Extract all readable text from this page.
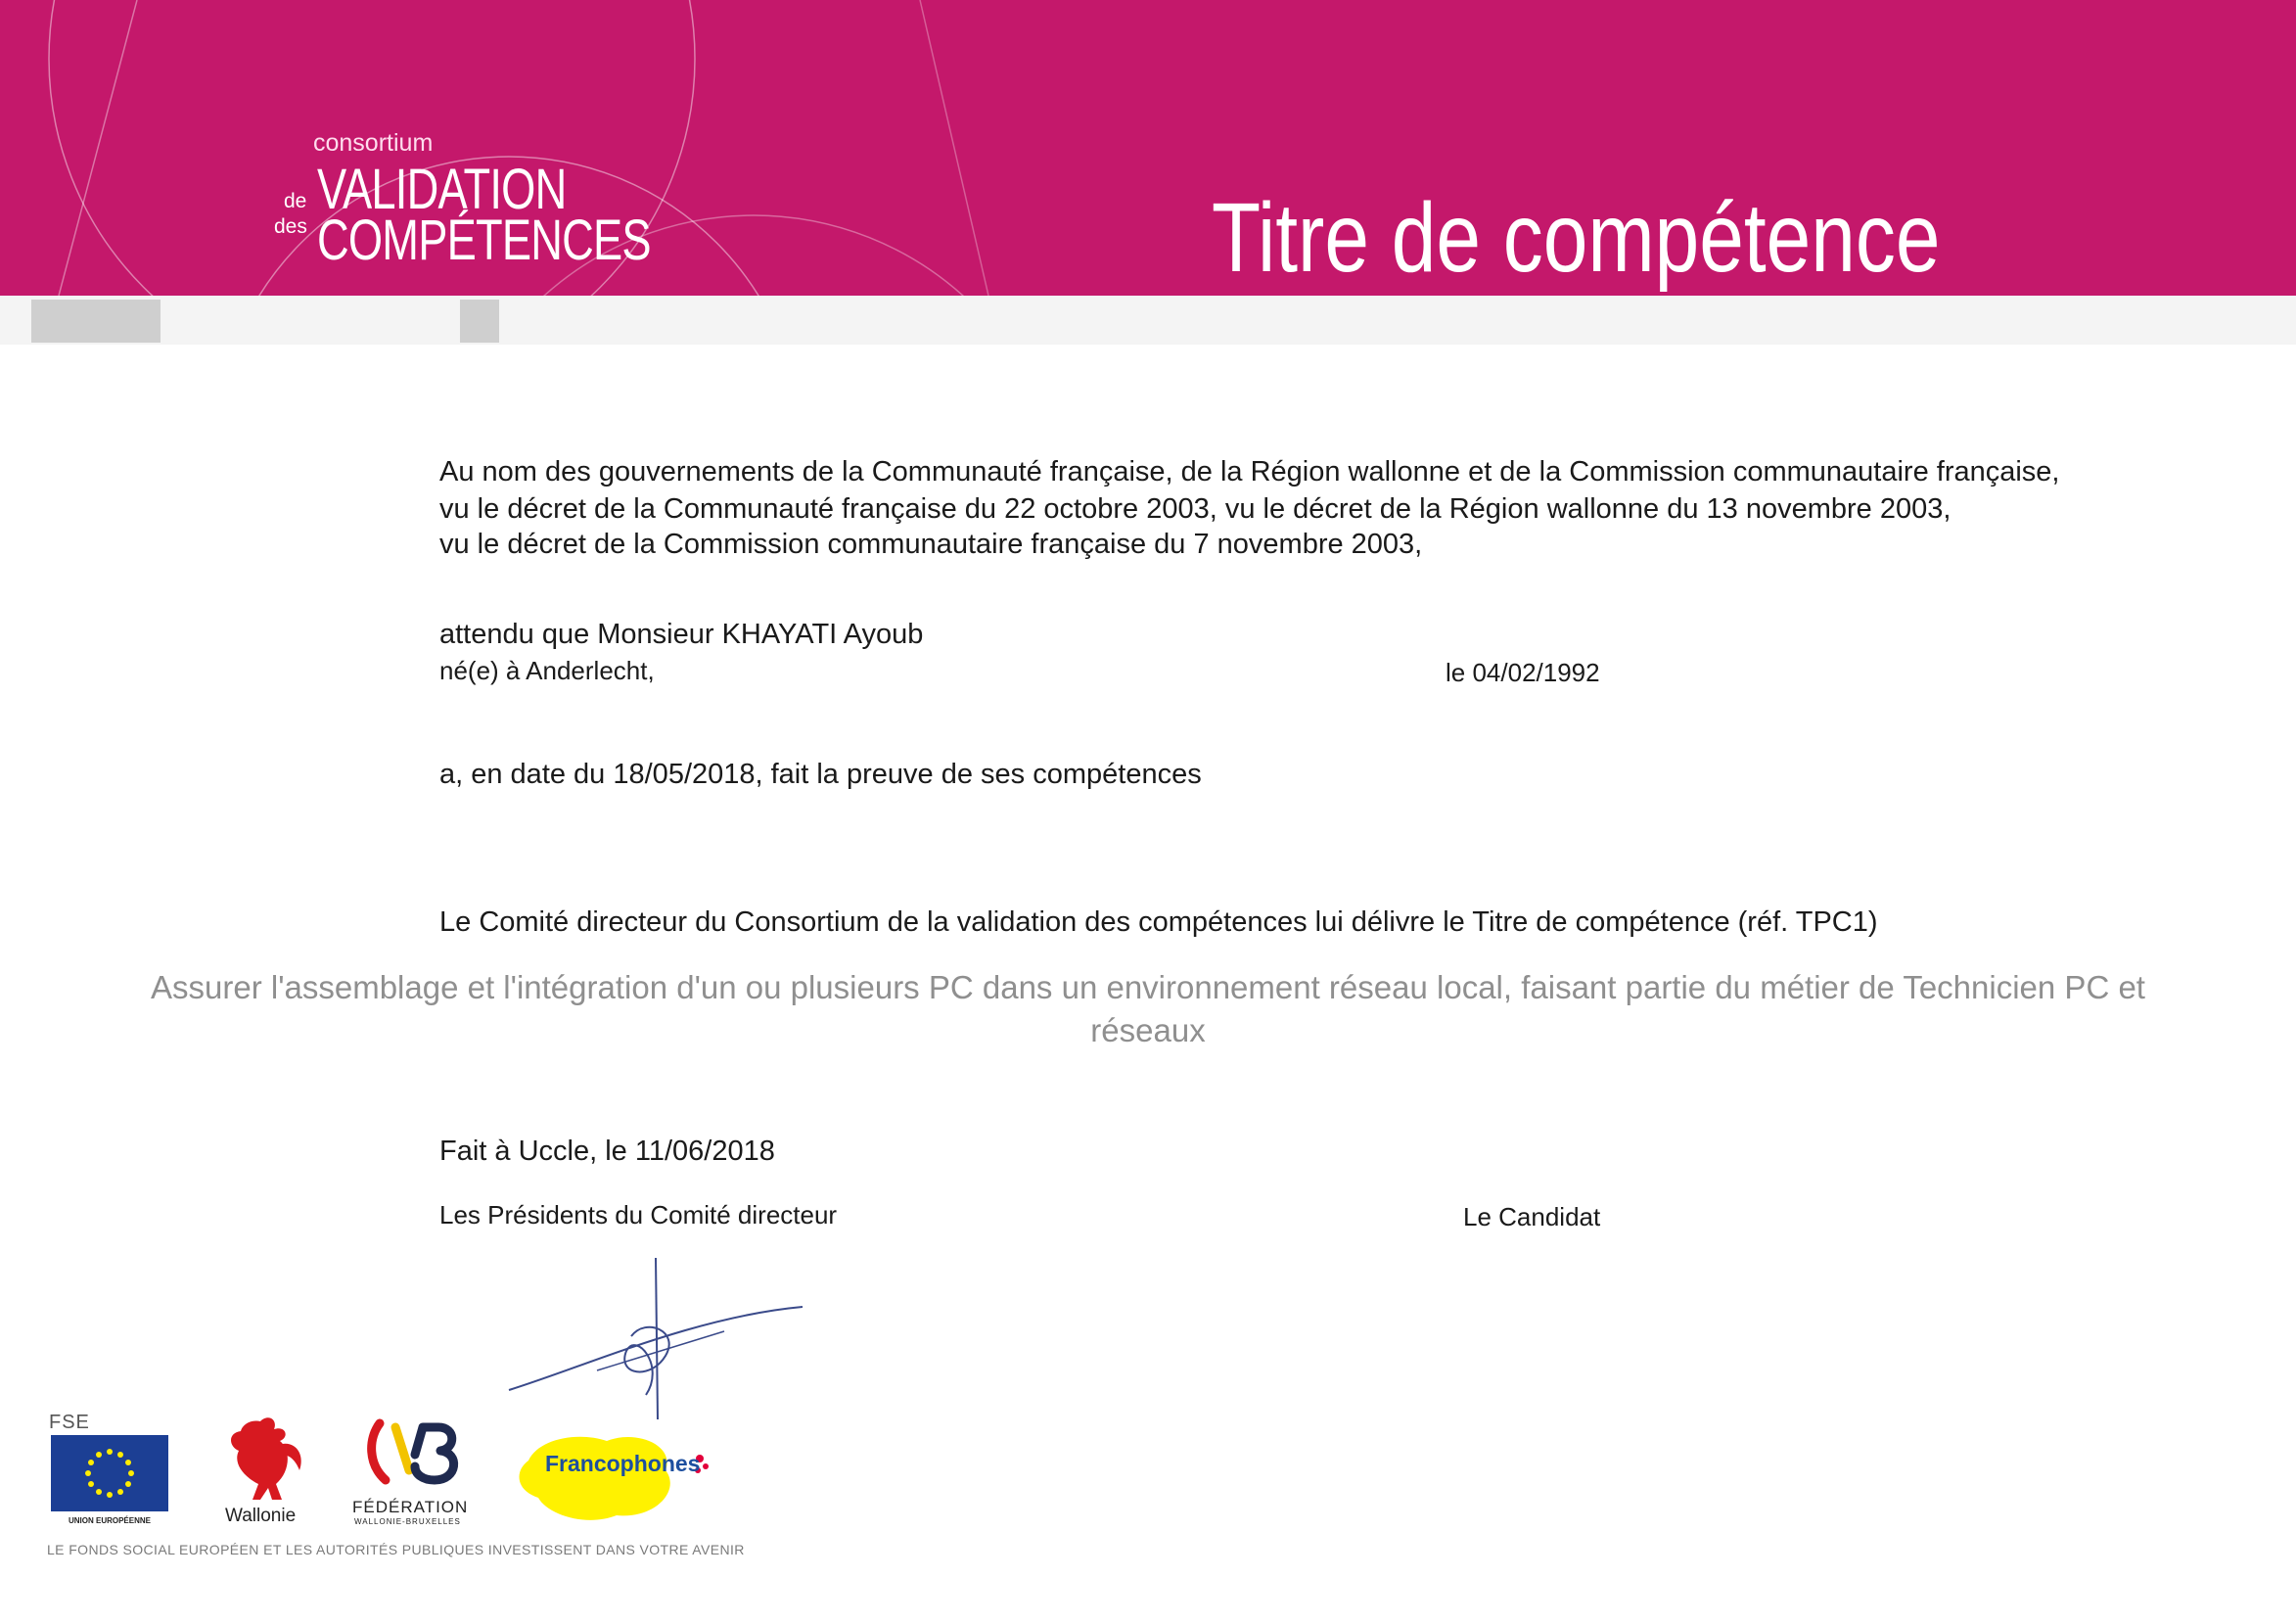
consortium
de
des
VALIDATION
COMPÉTENCES	Titre de compétence
Au nom des gouvernements de la Communauté française, de la Région wallonne et de la Commission communautaire française,
vu le décret de la Communauté française du 22 octobre 2003, vu le décret de la Région wallonne du 13 novembre 2003,
vu le décret de la Commission communautaire française du 7 novembre 2003,
attendu que Monsieur KHAYATI Ayoub
né(e) à Anderlecht,	le 04/02/1992
a, en date du 18/05/2018, fait la preuve de ses compétences
Le Comité directeur du Consortium de la validation des compétences lui délivre le Titre de compétence (réf. TPC1)
Assurer l'assemblage et l'intégration d'un ou plusieurs PC dans un environnement réseau local, faisant partie du métier de Technicien PC et
réseaux
Fait à Uccle, le 11/06/2018
Les Présidents du Comité directeur	Le Candidat
FSE
UNION EUROPÉENNE	Wallonie	FÉDÉRATION
WALLONIE-BRUXELLES
Francophones
LE FONDS SOCIAL EUROPÉEN ET LES AUTORITÉS PUBLIQUES INVESTISSENT DANS VOTRE AVENIR
